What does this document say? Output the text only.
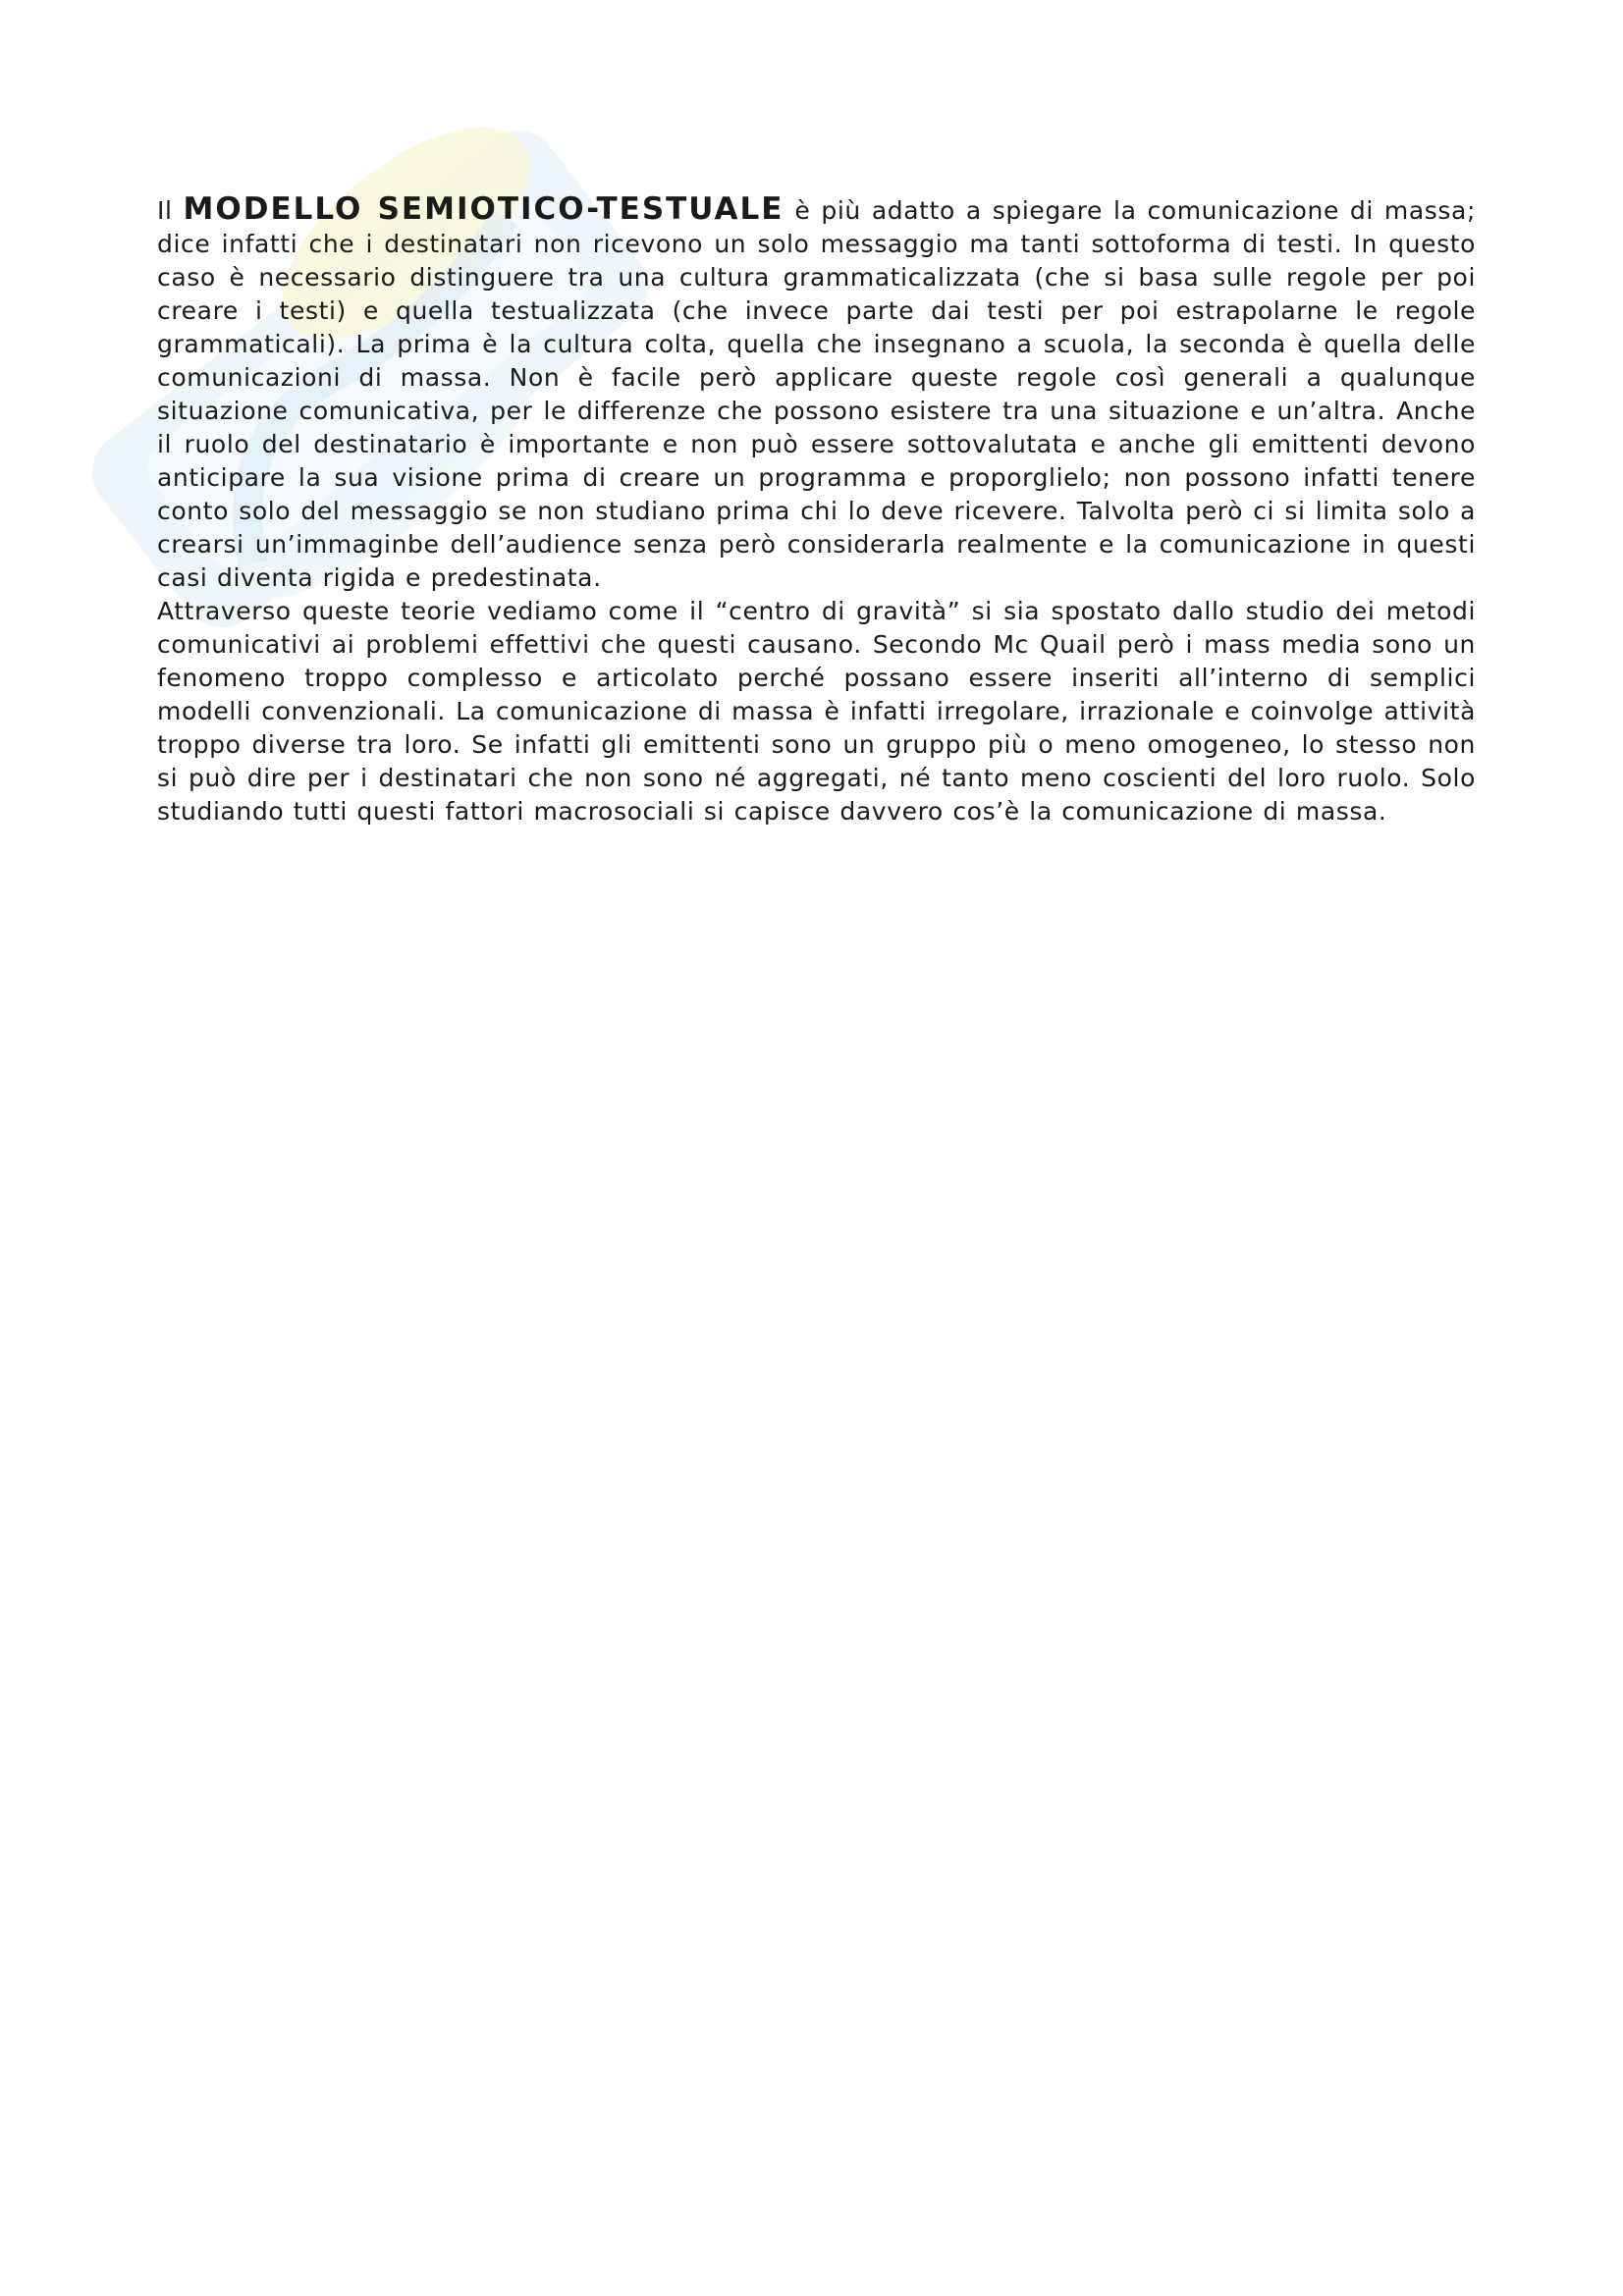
Il MODELLO SEMIOTICO-TESTUALE è più adatto a spiegare la comunicazione di massa; dice infatti che i destinatari non ricevono un solo messaggio ma tanti sottoforma di testi. In questo caso è necessario distinguere tra una cultura grammaticalizzata (che si basa sulle regole per poi creare i testi) e quella testualizzata (che invece parte dai testi per poi estrapolarne le regole grammaticali). La prima è la cultura colta, quella che insegnano a scuola, la seconda è quella delle comunicazioni di massa. Non è facile però applicare queste regole così generali a qualunque situazione comunicativa, per le differenze che possono esistere tra una situazione e un’altra. Anche il ruolo del destinatario è importante e non può essere sottovalutata e anche gli emittenti devono anticipare la sua visione prima di creare un programma e proporglielo; non possono infatti tenere conto solo del messaggio se non studiano prima chi lo deve ricevere. Talvolta però ci si limita solo a crearsi un’immaginbe dell’audience senza però considerarla realmente e la comunicazione in questi casi diventa rigida e predestinata.

Attraverso queste teorie vediamo come il “centro di gravità” si sia spostato dallo studio dei metodi comunicativi ai problemi effettivi che questi causano. Secondo Mc Quail però i mass media sono un fenomeno troppo complesso e articolato perché possano essere inseriti all’interno di semplici modelli convenzionali. La comunicazione di massa è infatti irregolare, irrazionale e coinvolge attività troppo diverse tra loro. Se infatti gli emittenti sono un gruppo più o meno omogeneo, lo stesso non si può dire per i destinatari che non sono né aggregati, né tanto meno coscienti del loro ruolo. Solo studiando tutti questi fattori macrosociali si capisce davvero cos’è la comunicazione di massa.
